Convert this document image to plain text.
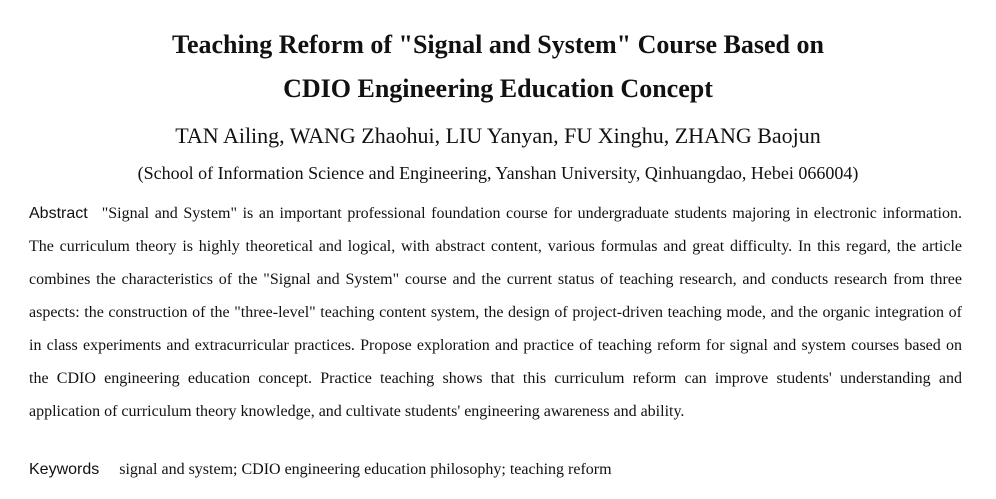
Teaching Reform of "Signal and System" Course Based on
CDIO Engineering Education Concept

TAN Ailing, WANG Zhaohui, LIU Yanyan, FU Xinghu, ZHANG Baojun

(School of Information Science and Engineering, Yanshan University, Qinhuangdao, Hebei 066004)

Abstract "Signal and System" is an important professional foundation course for undergraduate students majoring in electronic information. The curriculum theory is highly theoretical and logical, with abstract content, various formulas and great difficulty. In this regard, the article combines the characteristics of the "Signal and System" course and the current status of teaching research, and conducts research from three aspects: the construction of the "three-level" teaching content system, the design of project-driven teaching mode, and the organic integration of in class experiments and extracurricular practices. Propose exploration and practice of teaching reform for signal and system courses based on the CDIO engineering education concept. Practice teaching shows that this curriculum reform can improve students' understanding and application of curriculum theory knowledge, and cultivate students' engineering awareness and ability.

Keywords signal and system; CDIO engineering education philosophy; teaching reform
